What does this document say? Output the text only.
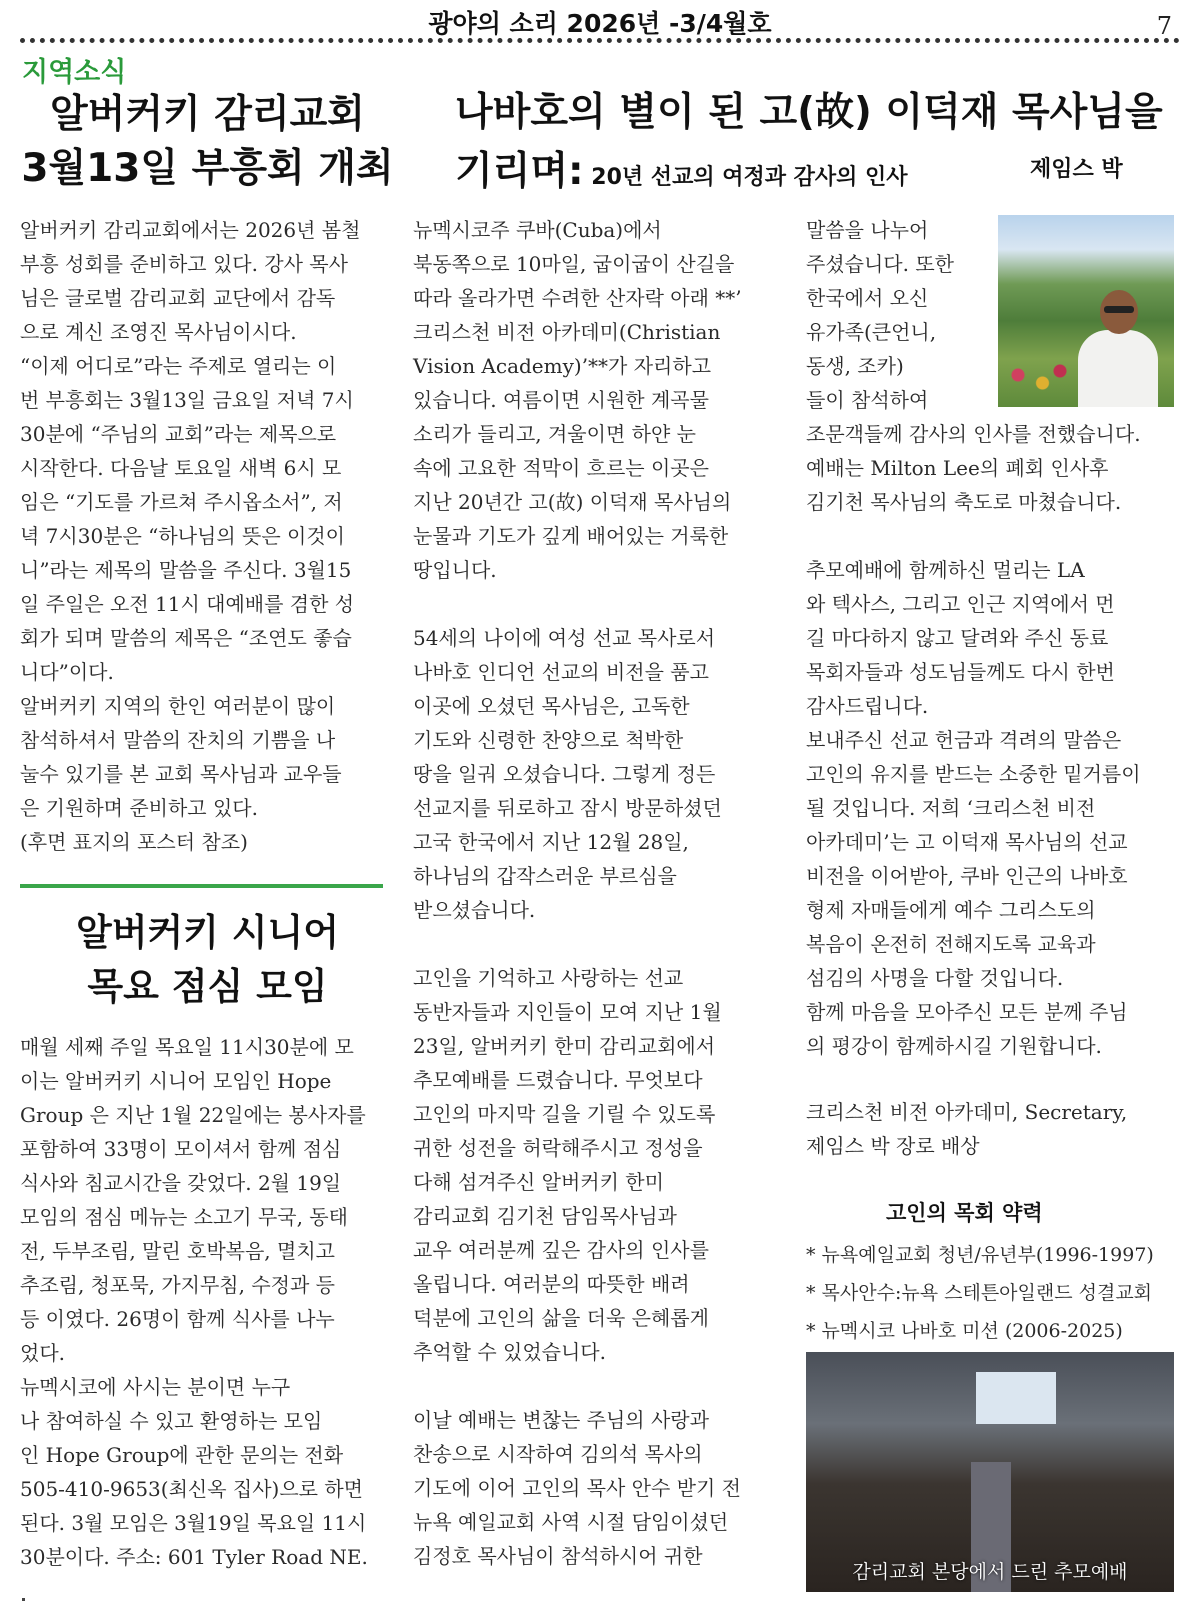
광야의 소리 2026년 -3/4월호	7
지역소식
알버커키 감리교회
3월13일 부흥회 개최
나바호의 별이 된 고(故) 이덕재 목사님을
기리며: 20년 선교의 여정과 감사의 인사	제임스 박
알버커키 감리교회에서는 2026년 봄철
부흥 성회를 준비하고 있다. 강사 목사
님은 글로벌 감리교회 교단에서 감독
으로 계신 조영진 목사님이시다.
“이제 어디로”라는 주제로 열리는 이
번 부흥회는 3월13일 금요일 저녁 7시
30분에 “주님의 교회”라는 제목으로
시작한다. 다음날 토요일 새벽 6시 모
임은 “기도를 가르쳐 주시옵소서”, 저
녁 7시30분은 “하나님의 뜻은 이것이
니”라는 제목의 말씀을 주신다. 3월15
일 주일은 오전 11시 대예배를 겸한 성
회가 되며 말씀의 제목은 “조연도 좋습
니다”이다.
알버커키 지역의 한인 여러분이 많이
참석하셔서 말씀의 잔치의 기쁨을 나
눌수 있기를 본 교회 목사님과 교우들
은 기원하며 준비하고 있다.
(후면 표지의 포스터 참조)
알버커키 시니어
목요 점심 모임
매월 세째 주일 목요일 11시30분에 모
이는 알버커키 시니어 모임인 Hope
Group 은 지난 1월 22일에는 봉사자를
포함하여 33명이 모이셔서 함께 점심
식사와 침교시간을 갖었다. 2월 19일
모임의 점심 메뉴는 소고기 무국, 동태
전, 두부조림, 말린 호박복음, 멸치고
추조림, 청포묵, 가지무침, 수정과 등
등 이였다. 26명이 함께 식사를 나누
었다.
뉴멕시코에 사시는 분이면 누구
나 참여하실 수 있고 환영하는 모임
인 Hope Group에 관한 문의는 전화
505-410-9653(최신옥 집사)으로 하면
된다. 3월 모임은 3월19일 목요일 11시
30분이다. 주소: 601 Tyler Road NE.
뉴멕시코주 쿠바(Cuba)에서
북동쪽으로 10마일, 굽이굽이 산길을
따라 올라가면 수려한 산자락 아래 **’
크리스천 비전 아카데미(Christian
Vision Academy)’**가 자리하고
있습니다. 여름이면 시원한 계곡물
소리가 들리고, 겨울이면 하얀 눈
속에 고요한 적막이 흐르는 이곳은
지난 20년간 고(故) 이덕재 목사님의
눈물과 기도가 깊게 배어있는 거룩한
땅입니다.
54세의 나이에 여성 선교 목사로서
나바호 인디언 선교의 비전을 품고
이곳에 오셨던 목사님은, 고독한
기도와 신령한 찬양으로 척박한
땅을 일궈 오셨습니다. 그렇게 정든
선교지를 뒤로하고 잠시 방문하셨던
고국 한국에서 지난 12월 28일,
하나님의 갑작스러운 부르심을
받으셨습니다.
고인을 기억하고 사랑하는 선교
동반자들과 지인들이 모여 지난 1월
23일, 알버커키 한미 감리교회에서
추모예배를 드렸습니다. 무엇보다
고인의 마지막 길을 기릴 수 있도록
귀한 성전을 허락해주시고 정성을
다해 섬겨주신 알버커키 한미
감리교회 김기천 담임목사님과
교우 여러분께 깊은 감사의 인사를
올립니다. 여러분의 따뜻한 배려
덕분에 고인의 삶을 더욱 은혜롭게
추억할 수 있었습니다.
이날 예배는 변찮는 주님의 사랑과
찬송으로 시작하여 김의석 목사의
기도에 이어 고인의 목사 안수 받기 전
뉴욕 예일교회 사역 시절 담임이셨던
김정호 목사님이 참석하시어 귀한
말씀을 나누어
주셨습니다. 또한
한국에서 오신
유가족(큰언니,
동생, 조카)
들이 참석하여
조문객들께 감사의 인사를 전했습니다.
예배는 Milton Lee의 폐회 인사후
김기천 목사님의 축도로 마쳤습니다.
추모예배에 함께하신 멀리는 LA
와 텍사스, 그리고 인근 지역에서 먼
길 마다하지 않고 달려와 주신 동료
목회자들과 성도님들께도 다시 한번
감사드립니다.
보내주신 선교 헌금과 격려의 말씀은
고인의 유지를 받드는 소중한 밑거름이
될 것입니다. 저희 ‘크리스천 비전
아카데미’는 고 이덕재 목사님의 선교
비전을 이어받아, 쿠바 인근의 나바호
형제 자매들에게 예수 그리스도의
복음이 온전히 전해지도록 교육과
섬김의 사명을 다할 것입니다.
함께 마음을 모아주신 모든 분께 주님
의 평강이 함께하시길 기원합니다.
크리스천 비전 아카데미, Secretary,
제임스 박 장로 배상
고인의 목회 약력
* 뉴욕예일교회 청년/유년부(1996-1997)
* 목사안수:뉴욕 스테튼아일랜드 성결교회
* 뉴멕시코 나바호 미션 (2006-2025)
감리교회 본당에서 드린 추모예배
